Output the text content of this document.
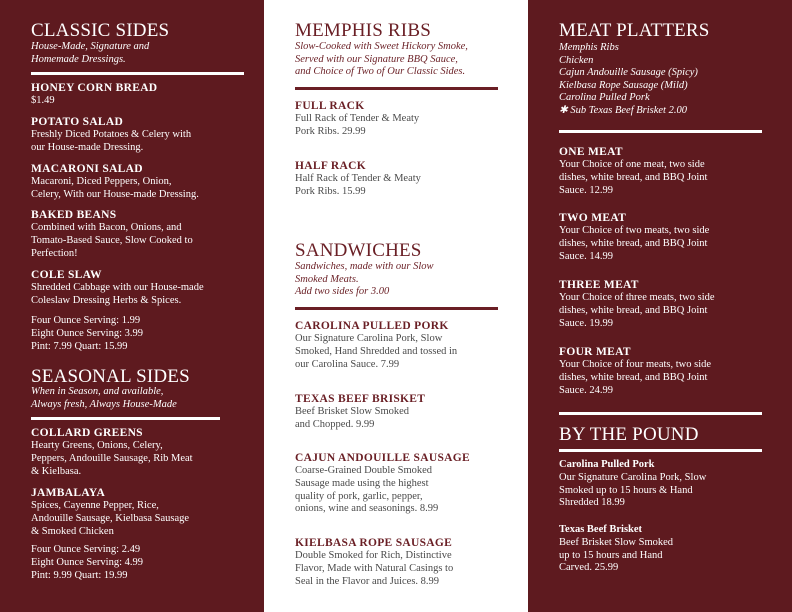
CLASSIC SIDES
House-Made, Signature and
Homemade Dressings.
HONEY CORN BREAD
$1.49
POTATO SALAD
Freshly Diced Potatoes & Celery with
our House-made Dressing.
MACARONI SALAD
Macaroni, Diced Peppers, Onion,
Celery, With our House-made Dressing.
BAKED BEANS
Combined with Bacon, Onions, and
Tomato-Based Sauce, Slow Cooked to
Perfection!
COLE SLAW
Shredded Cabbage with our House-made
Coleslaw Dressing Herbs & Spices.
Four Ounce Serving: 1.99
Eight Ounce Serving: 3.99
Pint: 7.99 Quart: 15.99
SEASONAL SIDES
When in Season, and available,
Always fresh, Always House-Made
COLLARD GREENS
Hearty Greens, Onions, Celery,
Peppers, Andouille Sausage, Rib Meat
& Kielbasa.
JAMBALAYA
Spices, Cayenne Pepper, Rice,
Andouille Sausage, Kielbasa Sausage
& Smoked Chicken
Four Ounce Serving: 2.49
Eight Ounce Serving: 4.99
Pint: 9.99 Quart: 19.99
MEMPHIS RIBS
Slow-Cooked with Sweet Hickory Smoke,
Served with our Signature BBQ Sauce,
and Choice of Two of Our Classic Sides.
FULL RACK
Full Rack of Tender & Meaty
Pork Ribs. 29.99
HALF RACK
Half Rack of Tender & Meaty
Pork Ribs. 15.99
SANDWICHES
Sandwiches, made with our Slow
Smoked Meats.
Add two sides for 3.00
CAROLINA PULLED PORK
Our Signature Carolina Pork, Slow
Smoked, Hand Shredded and tossed in
our Carolina Sauce. 7.99
TEXAS BEEF BRISKET
Beef Brisket Slow Smoked
and Chopped. 9.99
CAJUN ANDOUILLE SAUSAGE
Coarse-Grained Double Smoked
Sausage made using the highest
quality of pork, garlic, pepper,
onions, wine and seasonings. 8.99
KIELBASA ROPE SAUSAGE
Double Smoked for Rich, Distinctive
Flavor, Made with Natural Casings to
Seal in the Flavor and Juices. 8.99
MEAT PLATTERS
Memphis Ribs
Chicken
Cajun Andouille Sausage (Spicy)
Kielbasa Rope Sausage (Mild)
Carolina Pulled Pork
✱ Sub Texas Beef Brisket 2.00
ONE MEAT
Your Choice of one meat, two side
dishes, white bread, and BBQ Joint
Sauce. 12.99
TWO MEAT
Your Choice of two meats, two side
dishes, white bread, and BBQ Joint
Sauce. 14.99
THREE MEAT
Your Choice of three meats, two side
dishes, white bread, and BBQ Joint
Sauce. 19.99
FOUR MEAT
Your Choice of four meats, two side
dishes, white bread, and BBQ Joint
Sauce. 24.99
BY THE POUND
Carolina Pulled Pork
Our Signature Carolina Pork, Slow
Smoked up to 15 hours & Hand
Shredded 18.99
Texas Beef Brisket
Beef Brisket Slow Smoked
up to 15 hours and Hand
Carved. 25.99
